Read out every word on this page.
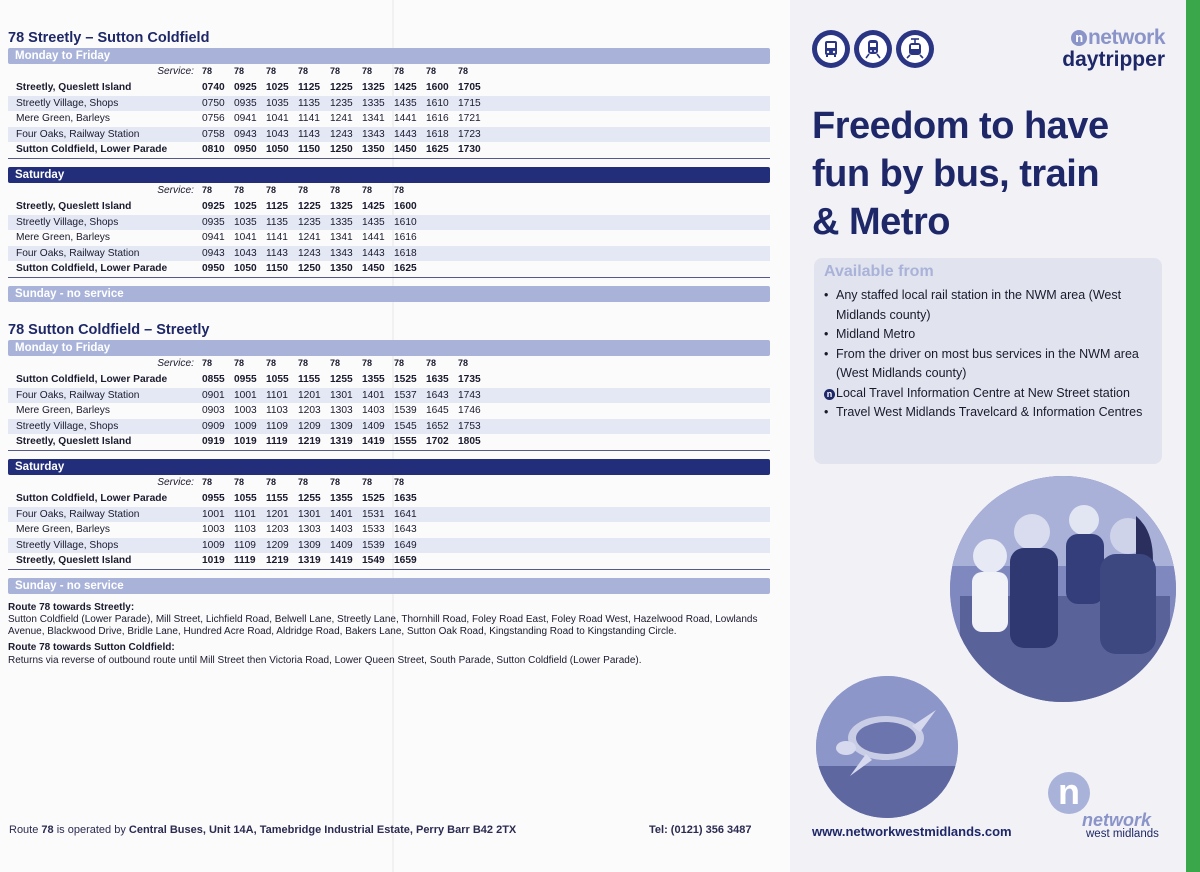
78 Streetly – Sutton Coldfield
Monday to Friday
Service:	78	78	78	78	78	78	78	78	78	
Streetly, Queslett Island	0740	0925	1025	1125	1225	1325	1425	1600	1705	
Streetly Village, Shops	0750	0935	1035	1135	1235	1335	1435	1610	1715	
Mere Green, Barleys	0756	0941	1041	1141	1241	1341	1441	1616	1721	
Four Oaks, Railway Station	0758	0943	1043	1143	1243	1343	1443	1618	1723	
Sutton Coldfield, Lower Parade	0810	0950	1050	1150	1250	1350	1450	1625	1730	
Saturday
Service:	78	78	78	78	78	78	78			
Streetly, Queslett Island	0925	1025	1125	1225	1325	1425	1600			
Streetly Village, Shops	0935	1035	1135	1235	1335	1435	1610			
Mere Green, Barleys	0941	1041	1141	1241	1341	1441	1616			
Four Oaks, Railway Station	0943	1043	1143	1243	1343	1443	1618			
Sutton Coldfield, Lower Parade	0950	1050	1150	1250	1350	1450	1625			
Sunday - no service
78 Sutton Coldfield – Streetly
Monday to Friday
Service:	78	78	78	78	78	78	78	78	78	
Sutton Coldfield, Lower Parade	0855	0955	1055	1155	1255	1355	1525	1635	1735	
Four Oaks, Railway Station	0901	1001	1101	1201	1301	1401	1537	1643	1743	
Mere Green, Barleys	0903	1003	1103	1203	1303	1403	1539	1645	1746	
Streetly Village, Shops	0909	1009	1109	1209	1309	1409	1545	1652	1753	
Streetly, Queslett Island	0919	1019	1119	1219	1319	1419	1555	1702	1805	
Saturday
Service:	78	78	78	78	78	78	78			
Sutton Coldfield, Lower Parade	0955	1055	1155	1255	1355	1525	1635			
Four Oaks, Railway Station	1001	1101	1201	1301	1401	1531	1641			
Mere Green, Barleys	1003	1103	1203	1303	1403	1533	1643			
Streetly Village, Shops	1009	1109	1209	1309	1409	1539	1649			
Streetly, Queslett Island	1019	1119	1219	1319	1419	1549	1659			
Sunday - no service
Route 78 towards Streetly:
Sutton Coldfield (Lower Parade), Mill Street, Lichfield Road, Belwell Lane, Streetly Lane, Thornhill Road, Foley Road East, Foley Road West, Hazelwood Road, Lowlands Avenue, Blackwood Drive, Bridle Lane, Hundred Acre Road, Aldridge Road, Bakers Lane, Sutton Oak Road, Kingstanding Road to Kingstanding Circle.
Route 78 towards Sutton Coldfield:
Returns via reverse of outbound route until Mill Street then Victoria Road, Lower Queen Street, South Parade, Sutton Coldfield (Lower Parade).
Route 78 is operated by Central Buses, Unit 14A, Tamebridge Industrial Estate, Perry Barr B42 2TX	Tel: (0121) 356 3487
n network
daytripper
Freedom to have
fun by bus, train
& Metro
Available from
• Any staffed local rail station in the NWM area (West Midlands county)
• Midland Metro
• From the driver on most bus services in the NWM area (West Midlands county)
n Local Travel Information Centre at New Street station
• Travel West Midlands Travelcard & Information Centres
www.networkwestmidlands.com
n
network
west midlands
